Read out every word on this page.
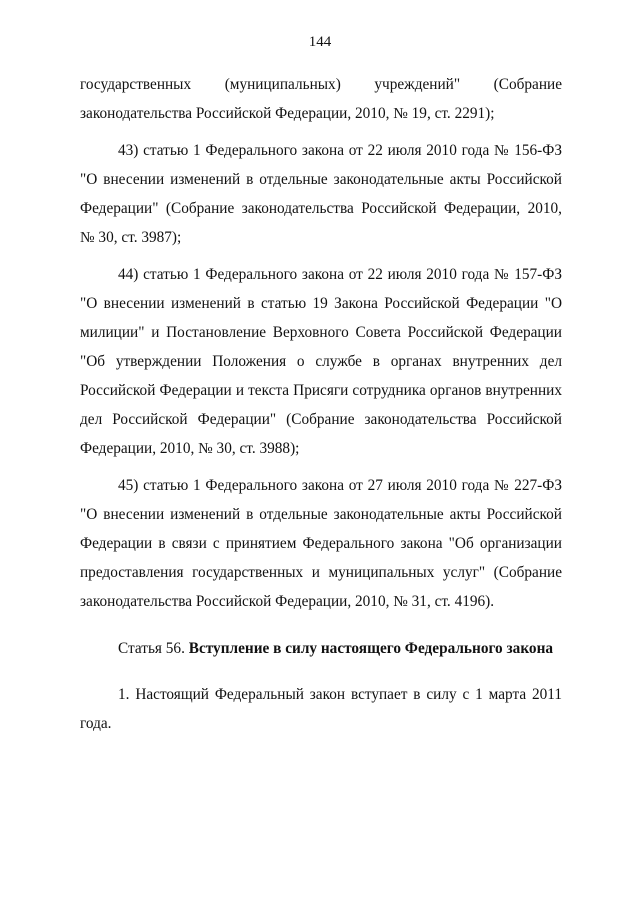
144

государственных (муниципальных) учреждений" (Собрание законодательства Российской Федерации, 2010, № 19, ст. 2291);

43) статью 1 Федерального закона от 22 июля 2010 года № 156-ФЗ "О внесении изменений в отдельные законодательные акты Российской Федерации" (Собрание законодательства Российской Федерации, 2010, № 30, ст. 3987);

44) статью 1 Федерального закона от 22 июля 2010 года № 157-ФЗ "О внесении изменений в статью 19 Закона Российской Федерации "О милиции" и Постановление Верховного Совета Российской Федерации "Об утверждении Положения о службе в органах внутренних дел Российской Федерации и текста Присяги сотрудника органов внутренних дел Российской Федерации" (Собрание законодательства Российской Федерации, 2010, № 30, ст. 3988);

45) статью 1 Федерального закона от 27 июля 2010 года № 227-ФЗ "О внесении изменений в отдельные законодательные акты Российской Федерации в связи с принятием Федерального закона "Об организации предоставления государственных и муниципальных услуг" (Собрание законодательства Российской Федерации, 2010, № 31, ст. 4196).

Статья 56. Вступление в силу настоящего Федерального закона

1. Настоящий Федеральный закон вступает в силу с 1 марта 2011 года.
